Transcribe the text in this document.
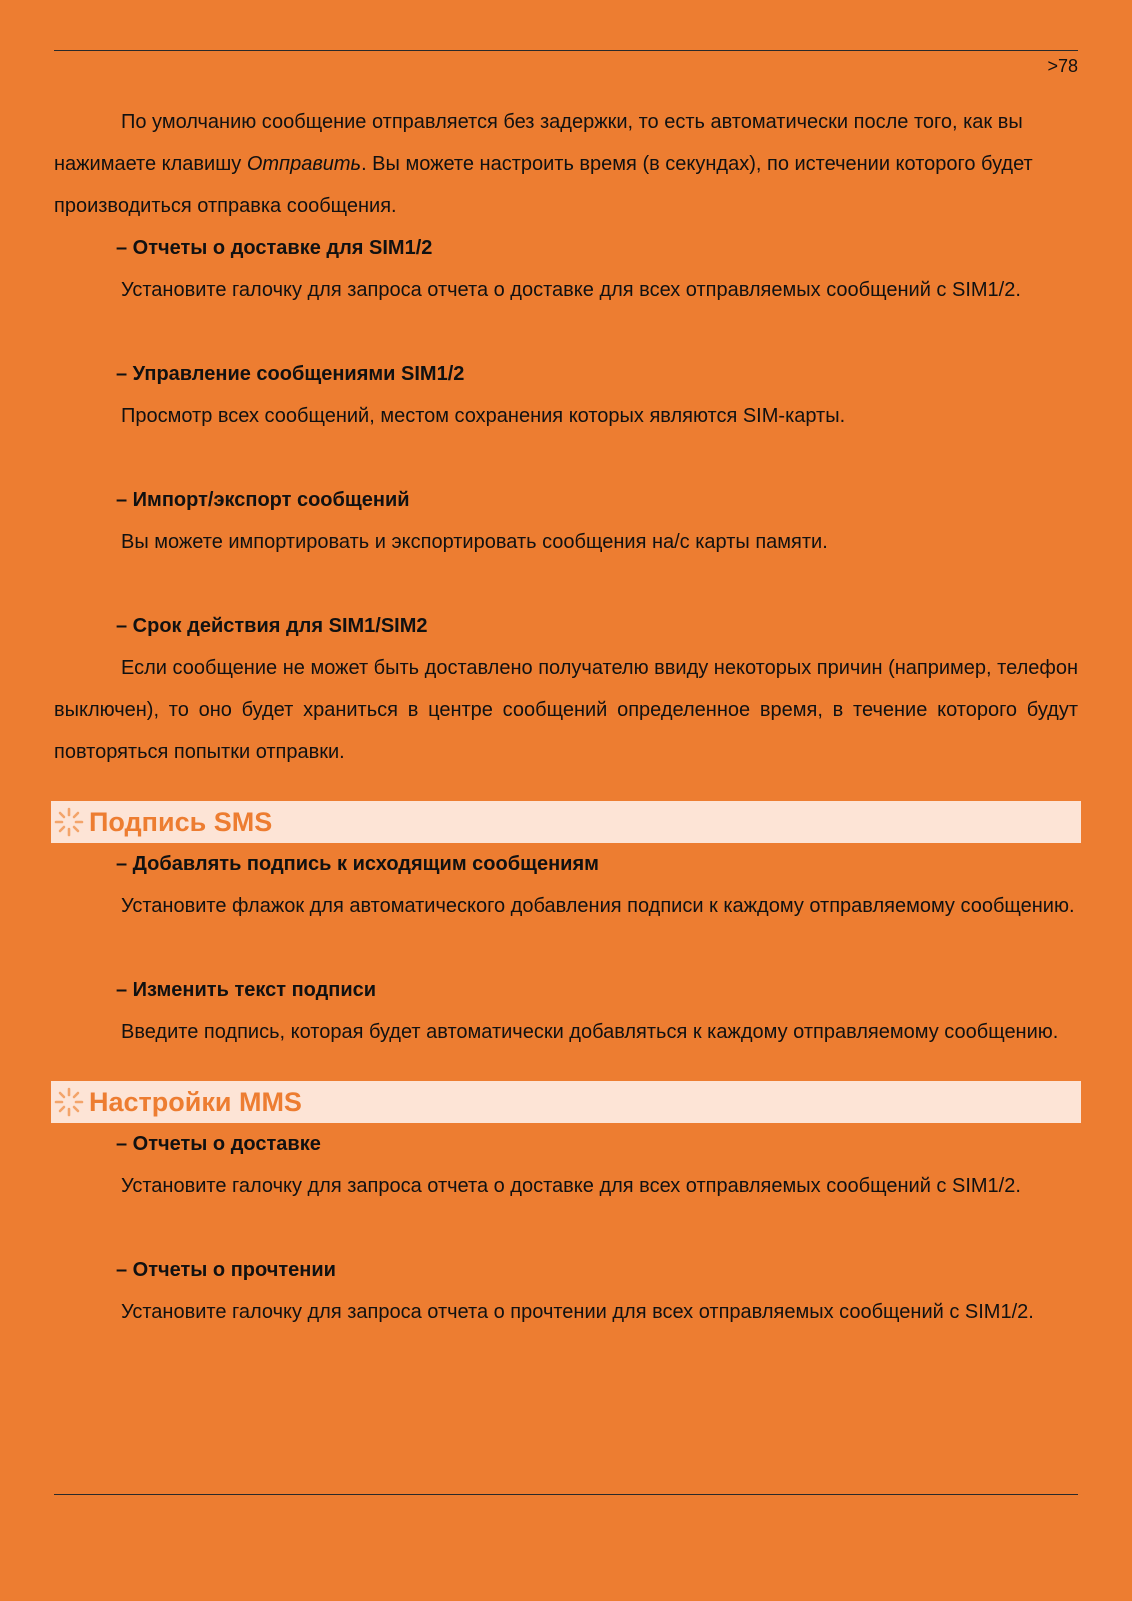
>78

По умолчанию сообщение отправляется без задержки, то есть автоматически после того, как вы нажимаете клавишу Отправить. Вы можете настроить время (в секундах), по истечении которого будет производиться отправка сообщения.

– Отчеты о доставке для SIM1/2

Установите галочку для запроса отчета о доставке для всех отправляемых сообщений с SIM1/2.

– Управление сообщениями SIM1/2

Просмотр всех сообщений, местом сохранения которых являются SIM-карты.

– Импорт/экспорт сообщений

Вы можете импортировать и экспортировать сообщения на/с карты памяти.

– Срок действия для SIM1/SIM2

Если сообщение не может быть доставлено получателю ввиду некоторых причин (например, телефон выключен), то оно будет храниться в центре сообщений определенное время, в течение которого будут повторяться попытки отправки.

Подпись SMS

– Добавлять подпись к исходящим сообщениям

Установите флажок для автоматического добавления подписи к каждому отправляемому сообщению.

– Изменить текст подписи

Введите подпись, которая будет автоматически добавляться к каждому отправляемому сообщению.

Настройки MMS

– Отчеты о доставке

Установите галочку для запроса отчета о доставке для всех отправляемых сообщений с SIM1/2.

– Отчеты о прочтении

Установите галочку для запроса отчета о прочтении для всех отправляемых сообщений с SIM1/2.
